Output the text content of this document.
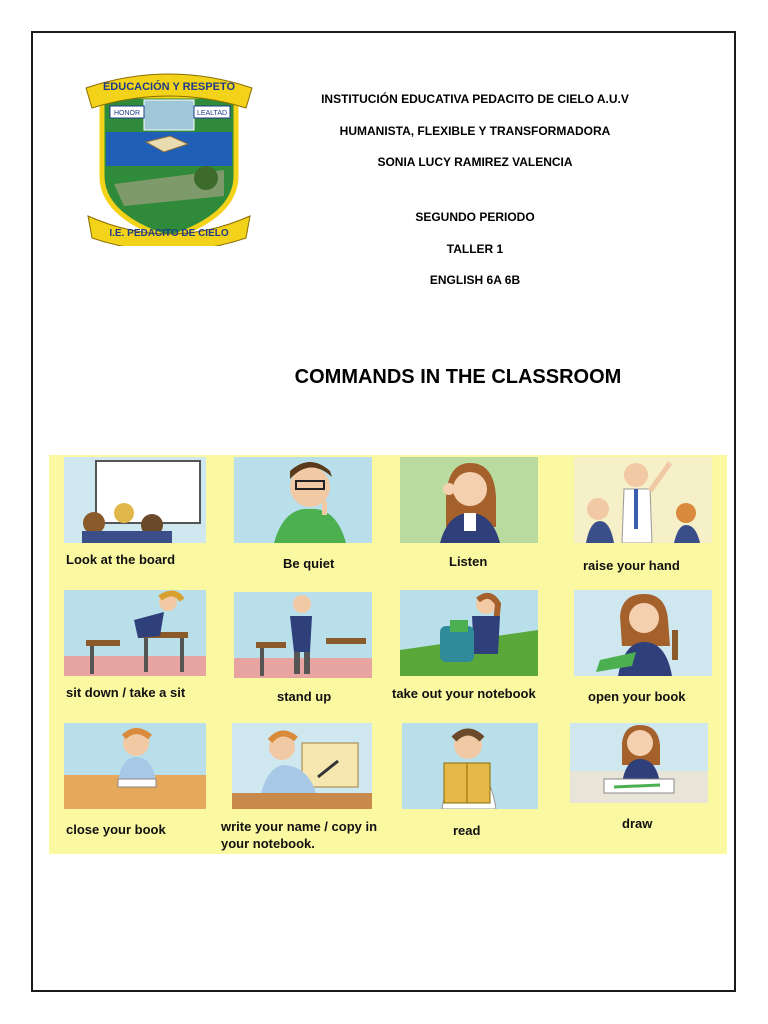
EDUCACIÓN Y RESPETO
HONOR	LEALTAD
I.E. PEDACITO DE CIELO
INSTITUCIÓN EDUCATIVA PEDACITO DE CIELO A.U.V
HUMANISTA, FLEXIBLE Y TRANSFORMADORA
SONIA LUCY RAMIREZ VALENCIA
SEGUNDO PERIODO
TALLER 1
ENGLISH 6A 6B
COMMANDS IN THE CLASSROOM
Look at the board	Be quiet	Listen	raise your hand
sit down / take a sit	stand up	take out your notebook	open your book
close your book	write your name / copy in
your notebook.
read	draw
